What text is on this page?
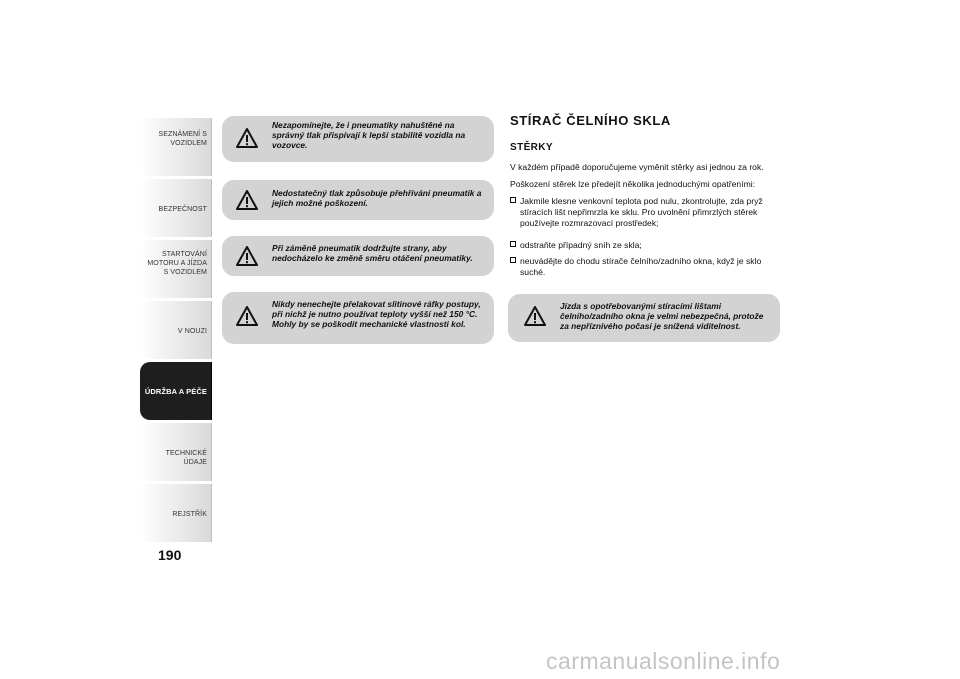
SEZNÁMENÍ S VOZIDLEM
BEZPEČNOST
STARTOVÁNÍ MOTORU A JÍZDA S VOZIDLEM
V NOUZI
ÚDRŽBA A PÉČE
TECHNICKÉ ÚDAJE
REJSTŘÍK
190
Nezapomínejte, že i pneumatiky nahuštěné na správný tlak přispívají k lepší stabilitě vozidla na vozovce.
Nedostatečný tlak způsobuje přehřívání pneumatik a jejich možné poškození.
Při záměně pneumatik dodržujte strany, aby nedocházelo ke změně směru otáčení pneumatiky.
Nikdy nenechejte přelakovat slitinové ráfky postupy, při nichž je nutno používat teploty vyšší než 150 °C. Mohly by se poškodit mechanické vlastnosti kol.
STÍRAČ ČELNÍHO SKLA
STĚRKY
V každém případě doporučujeme vyměnit stěrky asi jednou za rok.
Poškození stěrek lze předejít několika jednoduchými opatřeními:
Jakmile klesne venkovní teplota pod nulu, zkontrolujte, zda pryž stíracích lišt nepřimrzla ke sklu. Pro uvolnění přimrzlých stěrek používejte rozmrazovací prostředek;
odstraňte případný sníh ze skla;
neuváděјte do chodu stírače čelního/zadního okna, když je sklo suché.
Jízda s opotřebovanými stíracími lištami čelního/zadního okna je velmi nebezpečná, protože za nepříznivého počasí je snížená viditelnost.
carmanualsonline.info
